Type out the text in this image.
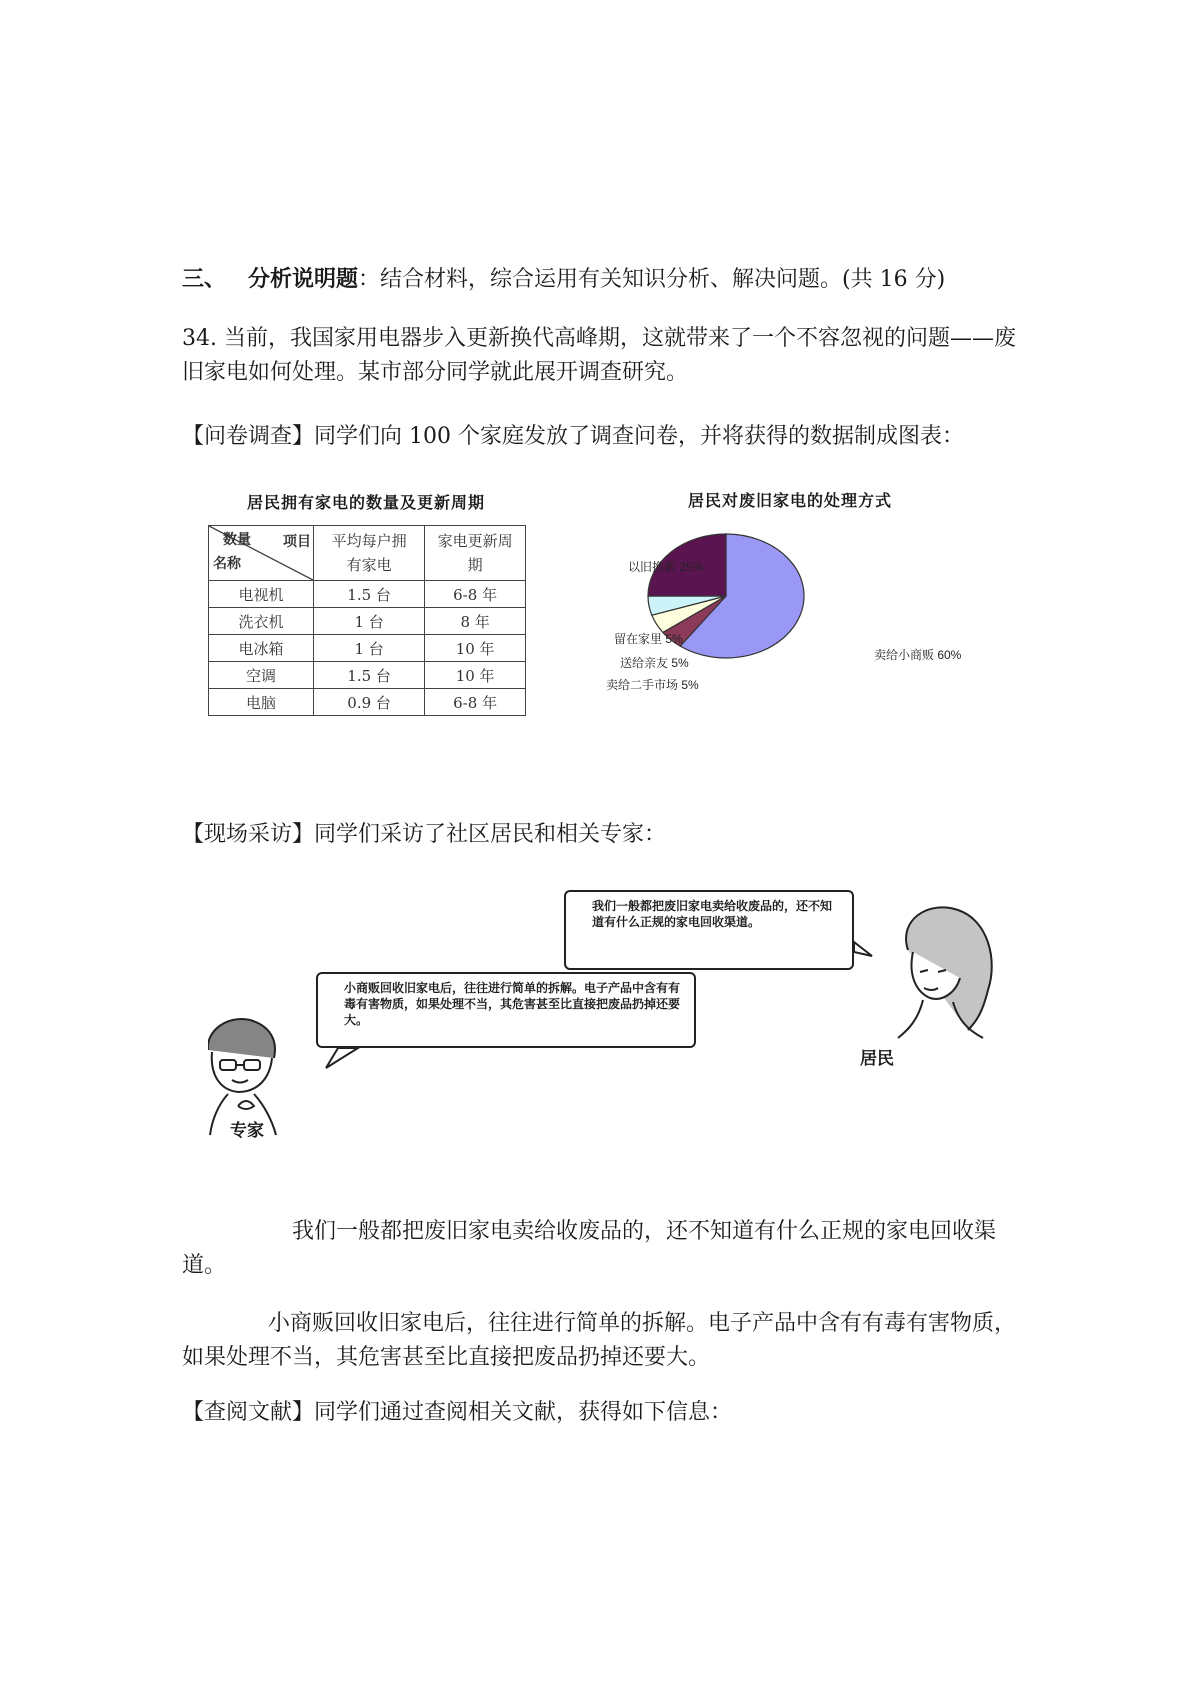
三、 分析说明题：结合材料，综合运用有关知识分析、解决问题。(共 16 分)
34. 当前，我国家用电器步入更新换代高峰期，这就带来了一个不容忽视的问题——废旧家电如何处理。某市部分同学就此展开调查研究。
【问卷调查】同学们向 100 个家庭发放了调查问卷，并将获得的数据制成图表：
居民拥有家电的数量及更新周期
数量 项目
名称	平均每户拥有家电	家电更新周期

电视机	1.5 台	6-8 年
洗衣机	1 台	8 年
电冰箱	1 台	10 年
空调	1.5 台	10 年
电脑	0.9 台	6-8 年
居民对废旧家电的处理方式
卖给小商贩 60%
卖给二手市场 5%
送给亲友 5%
留在家里 5%
以旧换新 25%
【现场采访】同学们采访了社区居民和相关专家：
我们一般都把废旧家电卖给收废品的，还不知道有什么正规的家电回收渠道。
小商贩回收旧家电后，往往进行简单的拆解。电子产品中含有有毒有害物质，如果处理不当，其危害甚至比直接把废品扔掉还要大。
居民
专家
我们一般都把废旧家电卖给收废品的，还不知道有什么正规的家电回收渠道。
小商贩回收旧家电后，往往进行简单的拆解。电子产品中含有有毒有害物质，如果处理不当，其危害甚至比直接把废品扔掉还要大。
【查阅文献】同学们通过查阅相关文献，获得如下信息：
